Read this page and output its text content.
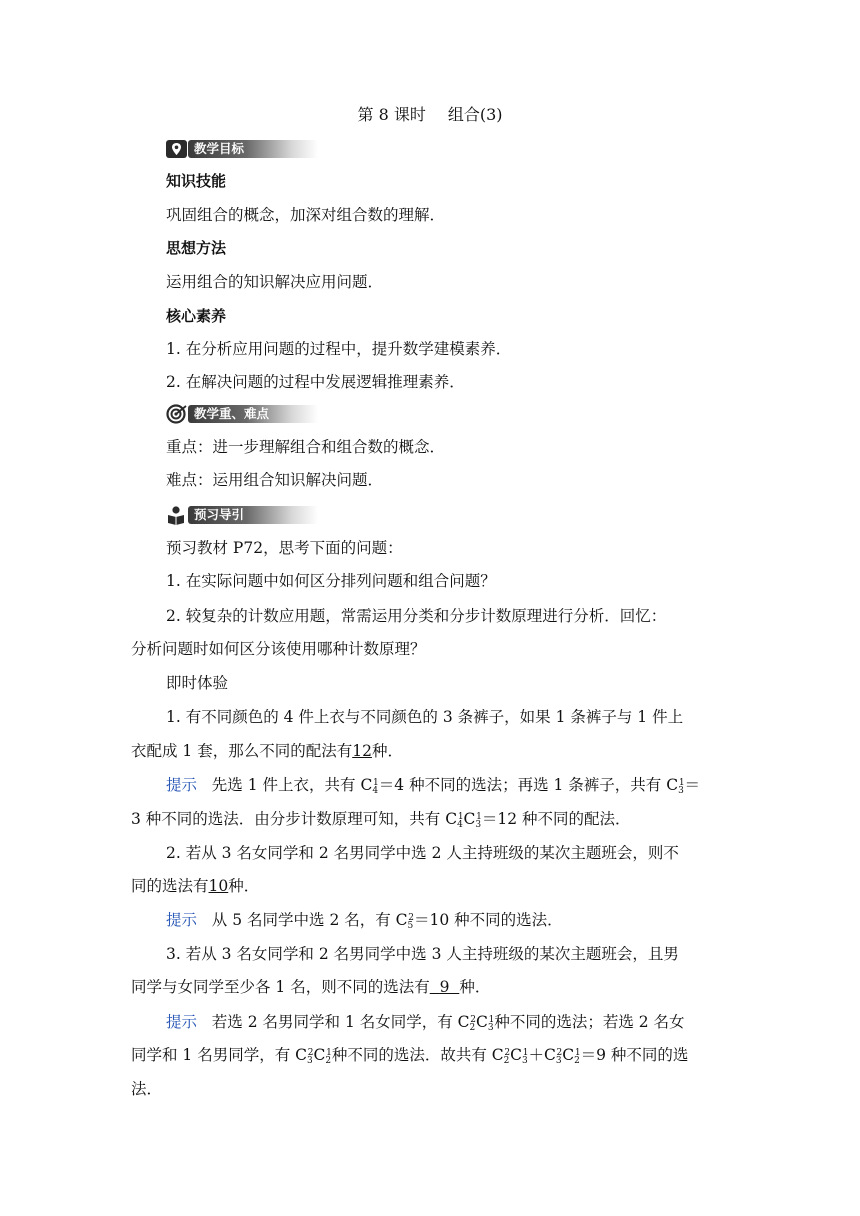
第 8 课时 组合(3)
教学目标
知识技能
巩固组合的概念，加深对组合数的理解．
思想方法
运用组合的知识解决应用问题．
核心素养
1. 在分析应用问题的过程中，提升数学建模素养．
2. 在解决问题的过程中发展逻辑推理素养．
教学重、难点
重点：进一步理解组合和组合数的概念．
难点：运用组合知识解决问题．
预习导引
预习教材 P72，思考下面的问题：
1. 在实际问题中如何区分排列问题和组合问题？
2. 较复杂的计数应用题，常需运用分类和分步计数原理进行分析．回忆：
分析问题时如何区分该使用哪种计数原理？
即时体验
1. 有不同颜色的 4 件上衣与不同颜色的 3 条裤子，如果 1 条裤子与 1 件上
衣配成 1 套，那么不同的配法有12种．
提示 先选 1 件上衣，共有 $C4^1=4$ 种不同的选法；再选 1 条裤子，共有 $C3^1=$
3 种不同的选法．由分步计数原理可知，共有 $C4^1C3^1=12$ 种不同的配法．
2. 若从 3 名女同学和 2 名男同学中选 2 人主持班级的某次主题班会，则不
同的选法有10种．
提示 从 5 名同学中选 2 名，有 $C5^2=10$ 种不同的选法．
3. 若从 3 名女同学和 2 名男同学中选 3 人主持班级的某次主题班会，且男
同学与女同学至少各 1 名，则不同的选法有 9 种．
提示 若选 2 名男同学和 1 名女同学，有 $C2^2C3^1$种不同的选法；若选 2 名女
同学和 1 名男同学，有 $C3^2C2^1$种不同的选法．故共有 $C2^2C3^1+C3^2C2^1=9$ 种不同的选
法．
